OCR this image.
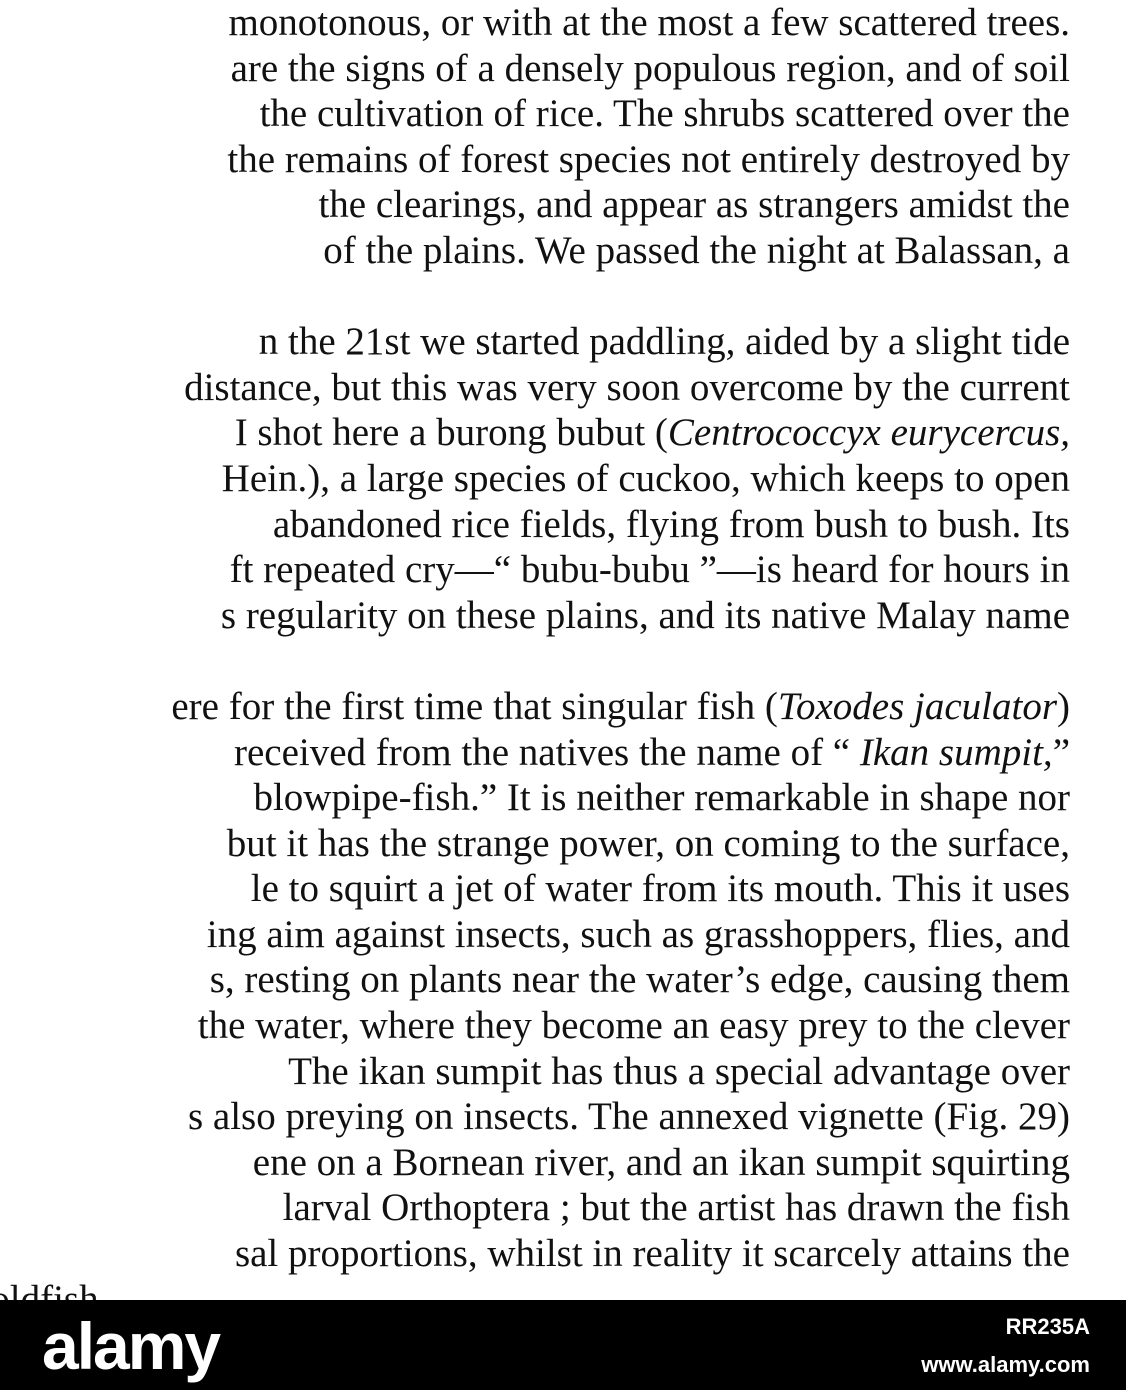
monotonous, or with at the most a few scattered trees.
are the signs of a densely populous region, and of soil
the cultivation of rice. The shrubs scattered over the
the remains of forest species not entirely destroyed by
the clearings, and appear as strangers amidst the
of the plains. We passed the night at Balassan, a
n the 21st we started paddling, aided by a slight tide
distance, but this was very soon overcome by the current
I shot here a burong bubut (Centrococcyx eurycercus,
Hein.), a large species of cuckoo, which keeps to open
abandoned rice fields, flying from bush to bush. Its
ft repeated cry—“ bubu-bubu ”—is heard for hours in
s regularity on these plains, and its native Malay name
ere for the first time that singular fish (Toxodes jaculator)
received from the natives the name of “ Ikan sumpit,”
blowpipe-fish.” It is neither remarkable in shape nor
but it has the strange power, on coming to the surface,
le to squirt a jet of water from its mouth. This it uses
ing aim against insects, such as grasshoppers, flies, and
s, resting on plants near the water’s edge, causing them
the water, where they become an easy prey to the clever
The ikan sumpit has thus a special advantage over
s also preying on insects. The annexed vignette (Fig. 29)
ene on a Bornean river, and an ikan sumpit squirting
larval Orthoptera ; but the artist has drawn the fish
sal proportions, whilst in reality it scarcely attains the
alamy	RR235A
www.alamy.com
